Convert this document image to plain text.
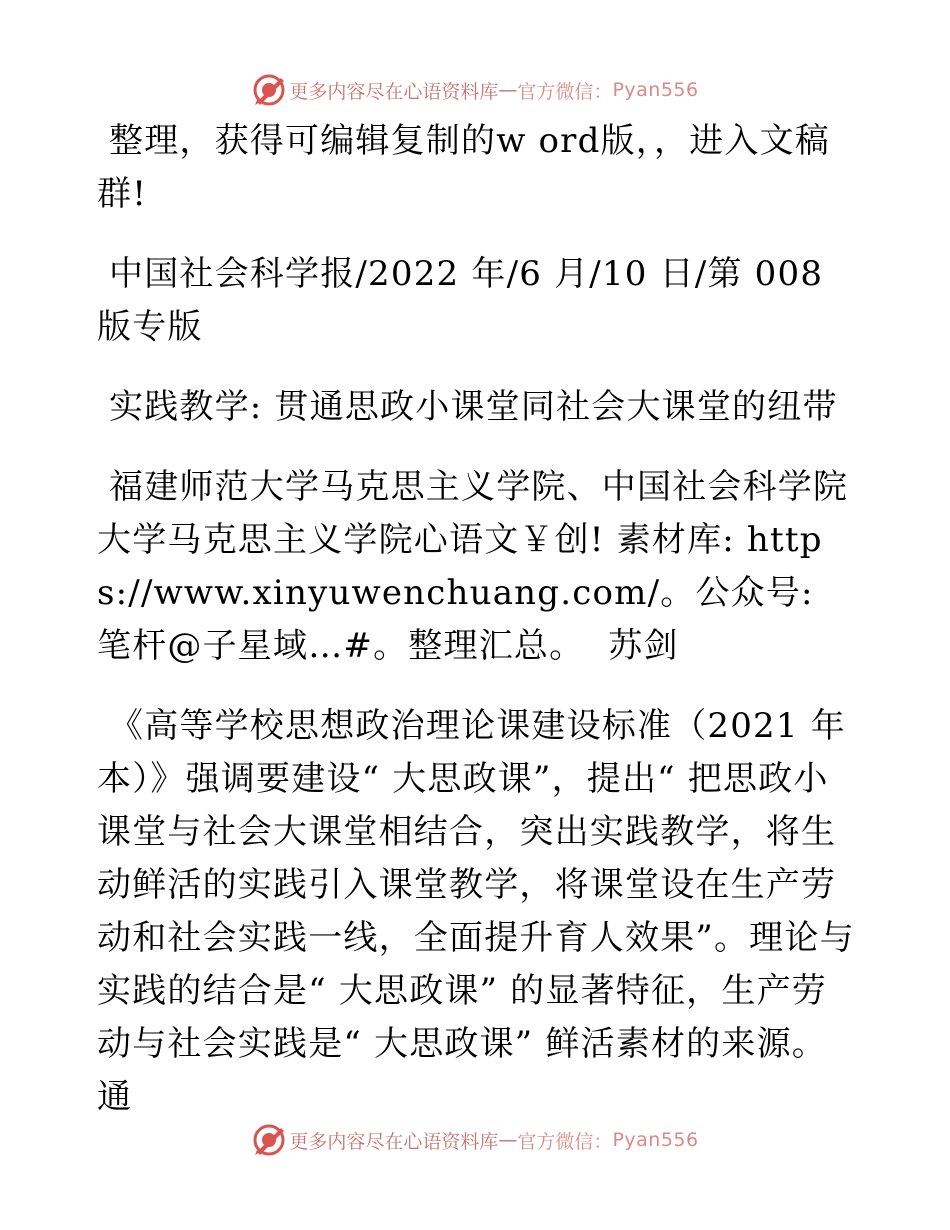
更多内容尽在心语资料库 — 官方微信： Pyan556

整理，获得可编辑复制的w ord版，，进入文稿群!

中国社会科学报/2022 年/6 月/10 日/第 008 版专版

实践教学: 贯通思政小课堂同社会大课堂的纽带

福建师范大学马克思主义学院、中国社会科学院大学马克思主义学院心语文￥创! 素材库: https://www.xinyuwenchuang.com/。公众号: 笔杆@子星域…#。整理汇总。  苏剑

《高等学校思想政治理论课建设标准（2021 年本）》强调要建设“ 大思政课”，提出“ 把思政小课堂与社会大课堂相结合，突出实践教学，将生动鲜活的实践引入课堂教学，将课堂设在生产劳动和社会实践一线，全面提升育人效果”。理论与实践的结合是“ 大思政课” 的显著特征，生产劳动与社会实践是“ 大思政课” 鲜活素材的来源。通

更多内容尽在心语资料库 — 官方微信： Pyan556
